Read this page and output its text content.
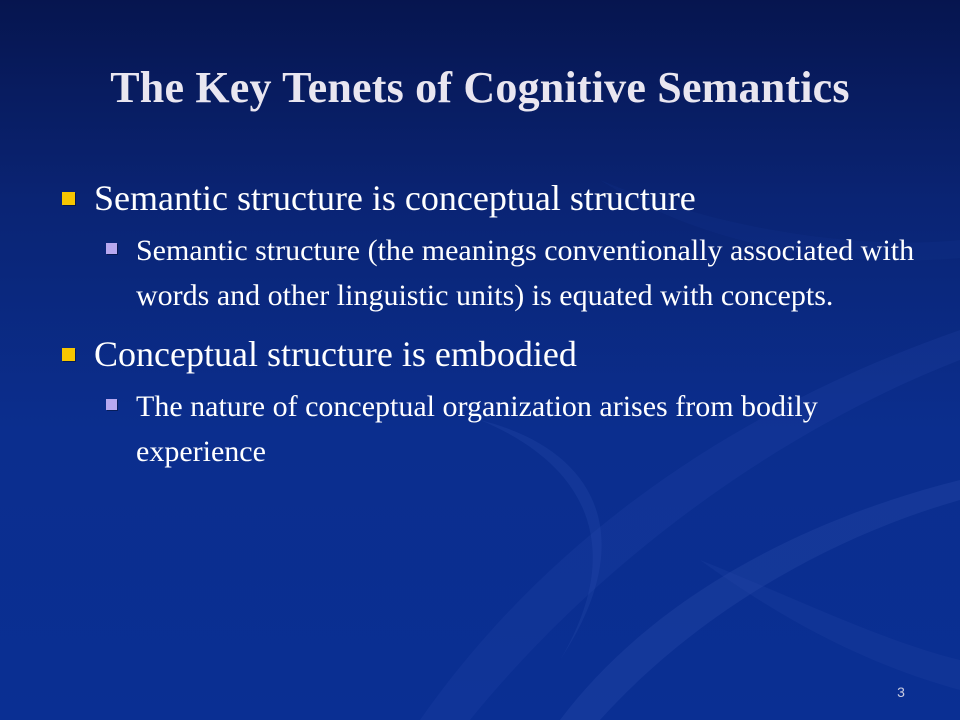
The Key Tenets of Cognitive Semantics
Semantic structure is conceptual structure
Semantic structure (the meanings conventionally associated with words and other linguistic units) is equated with concepts.
Conceptual structure is embodied
The nature of conceptual organization arises from bodily experience
3
